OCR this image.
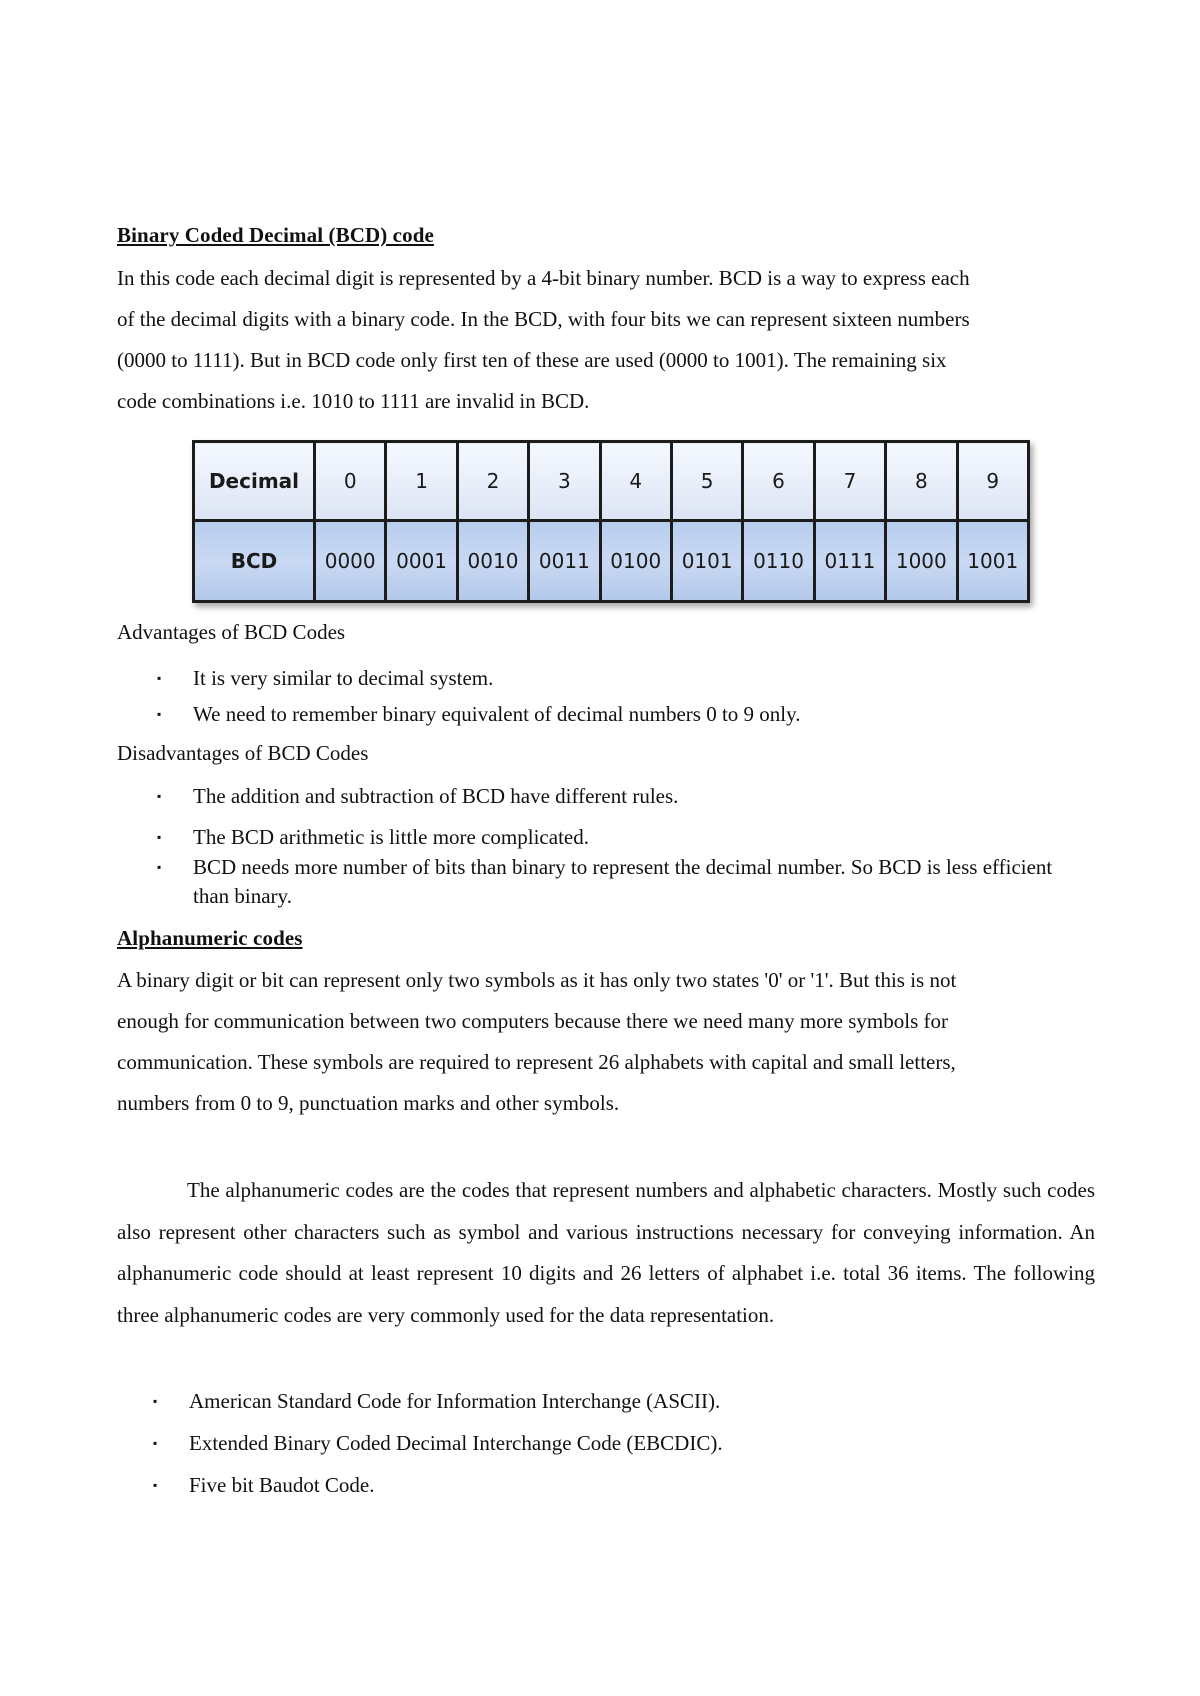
Binary Coded Decimal (BCD) code
In this code each decimal digit is represented by a 4-bit binary number. BCD is a way to express each
of the decimal digits with a binary code. In the BCD, with four bits we can represent sixteen numbers
(0000 to 1111). But in BCD code only first ten of these are used (0000 to 1001). The remaining six
code combinations i.e. 1010 to 1111 are invalid in BCD.
Decimal	0	1	2	3	4	5	6	7	8	9
BCD	0000	0001	0010	0011	0100	0101	0110	0111	1000	1001
Advantages of BCD Codes
▪ It is very similar to decimal system.
▪ We need to remember binary equivalent of decimal numbers 0 to 9 only.
Disadvantages of BCD Codes
▪ The addition and subtraction of BCD have different rules.
▪ The BCD arithmetic is little more complicated.
▪ BCD needs more number of bits than binary to represent the decimal number. So BCD is less efficient than binary.
Alphanumeric codes
A binary digit or bit can represent only two symbols as it has only two states '0' or '1'. But this is not
enough for communication between two computers because there we need many more symbols for
communication. These symbols are required to represent 26 alphabets with capital and small letters,
numbers from 0 to 9, punctuation marks and other symbols.

The alphanumeric codes are the codes that represent numbers and alphabetic characters. Mostly such codes also represent other characters such as symbol and various instructions necessary for conveying information. An alphanumeric code should at least represent 10 digits and 26 letters of alphabet i.e. total 36 items. The following three alphanumeric codes are very commonly used for the data representation.

▪ American Standard Code for Information Interchange (ASCII).
▪ Extended Binary Coded Decimal Interchange Code (EBCDIC).
▪ Five bit Baudot Code.
